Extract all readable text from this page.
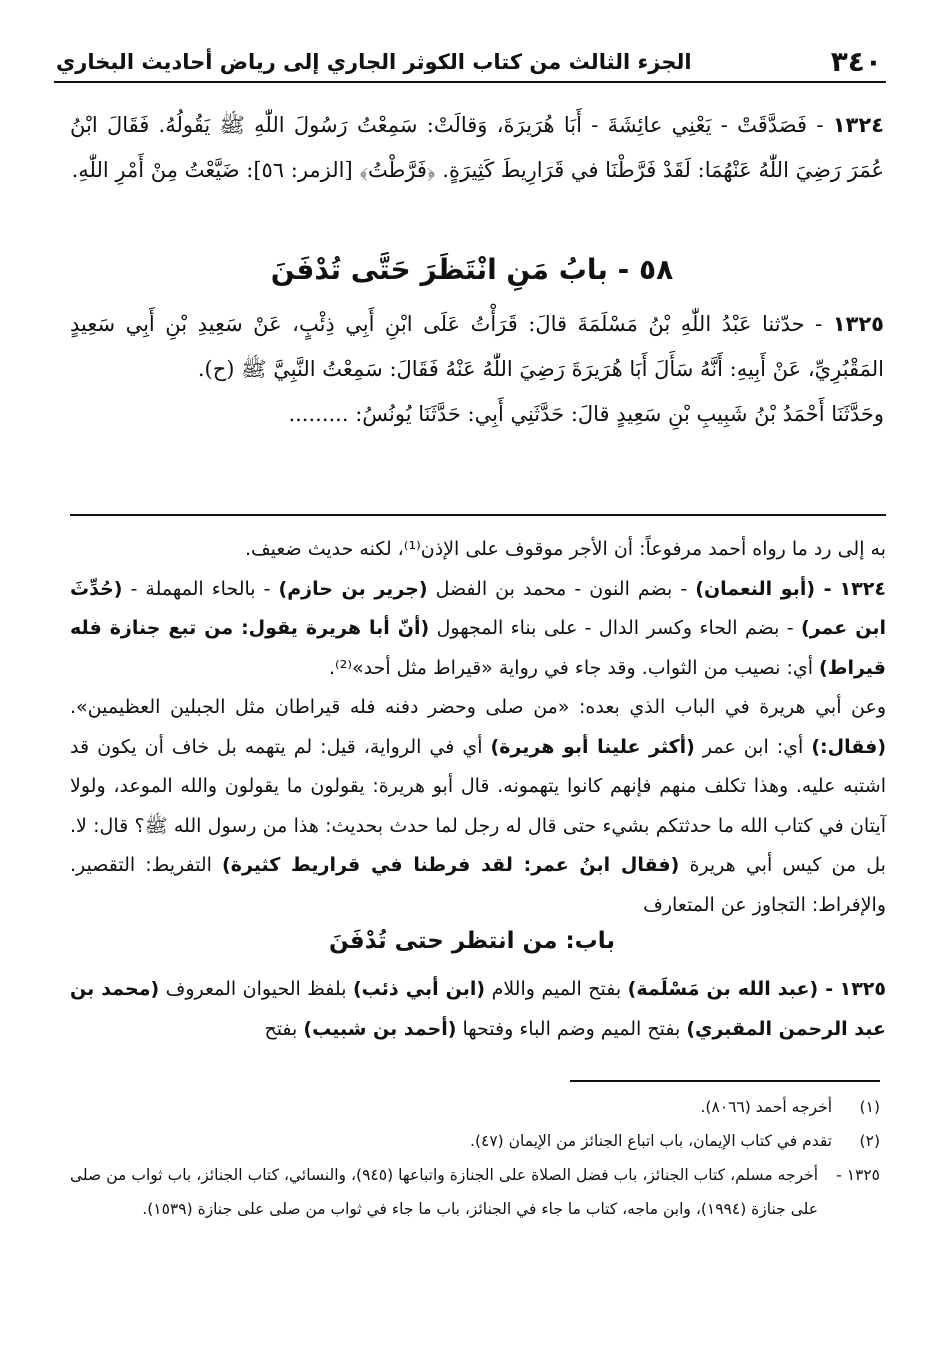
٣٤٠
الجزء الثالث من كتاب الكوثر الجاري إلى رياض أحاديث البخاري

١٣٢٤ - فَصَدَّقَتْ - يَعْنِي عائِشَةَ - أَبَا هُرَيرَةَ، وَقالَتْ: سَمِعْتُ رَسُولَ اللّٰهِ ﷺ يَقُولُهُ. فَقَالَ ابْنُ عُمَرَ رَضِيَ اللّٰهُ عَنْهُمَا: لَقَدْ فَرَّطْنَا في قَرَارِيطَ كَثِيرَةٍ. ﴿فَرَّطْتُ﴾ [الزمر: ٥٦]: ضَيَّعْتُ مِنْ أَمْرِ اللّٰهِ.

٥٨ - بابُ مَنِ انْتَظَرَ حَتَّى تُدْفَنَ

١٣٢٥ - حدّثنا عَبْدُ اللّٰهِ بْنُ مَسْلَمَةَ قالَ: قَرَأْتُ عَلَى ابْنِ أَبِي ذِئْبٍ، عَنْ سَعِيدِ بْنِ أَبِي سَعِيدٍ المَقْبُرِيِّ، عَنْ أَبِيهِ: أَنَّهُ سَأَلَ أَبَا هُرَيرَةَ رَضِيَ اللّٰهُ عَنْهُ فَقَالَ: سَمِعْتُ النَّبِيَّ ﷺ (ح).

وحَدَّثَنَا أَحْمَدُ بْنُ شَبِيبِ بْنِ سَعِيدٍ قالَ: حَدَّثَنِي أَبِي: حَدَّثَنَا يُونُسُ: .........

به إلى رد ما رواه أحمد مرفوعاً: أن الأجر موقوف على الإذن⁽¹⁾، لكنه حديث ضعيف.

١٣٢٤ - (أبو النعمان) - بضم النون - محمد بن الفضل (جرير بن حازم) - بالحاء المهملة - (حُدِّثَ ابن عمر) - بضم الحاء وكسر الدال - على بناء المجهول (أنّ أبا هريرة يقول: من تبع جنازة فله قيراط) أي: نصيب من الثواب. وقد جاء في رواية «قيراط مثل أحد»⁽²⁾.

وعن أبي هريرة في الباب الذي بعده: «من صلى وحضر دفنه فله قيراطان مثل الجبلين العظيمين». (فقال:) أي: ابن عمر (أكثر علينا أبو هريرة) أي في الرواية، قيل: لم يتهمه بل خاف أن يكون قد اشتبه عليه. وهذا تكلف منهم فإنهم كانوا يتهمونه. قال أبو هريرة: يقولون ما يقولون والله الموعد، ولولا آيتان في كتاب الله ما حدثتكم بشيء حتى قال له رجل لما حدث بحديث: هذا من رسول الله ﷺ؟ قال: لا. بل من كيس أبي هريرة (فقال ابنُ عمر: لقد فرطنا في قراريط كثيرة) التفريط: التقصير. والإفراط: التجاوز عن المتعارف

باب: من انتظر حتى تُدْفَنَ

١٣٢٥ - (عبد الله بن مَسْلَمة) بفتح الميم واللام (ابن أبي ذئب) بلفظ الحيوان المعروف (محمد بن عبد الرحمن المقبري) بفتح الميم وضم الباء وفتحها (أحمد بن شبيب) بفتح

(١)
أخرجه أحمد (٨٠٦٦).
(٢)
تقدم في كتاب الإيمان، باب اتباع الجنائز من الإيمان (٤٧).
١٣٢٥ -
أخرجه مسلم، كتاب الجنائز، باب فضل الصلاة على الجنازة واتباعها (٩٤٥)، والنسائي، كتاب الجنائز، باب ثواب من صلى على جنازة (١٩٩٤)، وابن ماجه، كتاب ما جاء في الجنائز، باب ما جاء في ثواب من صلى على جنازة (١٥٣٩).
